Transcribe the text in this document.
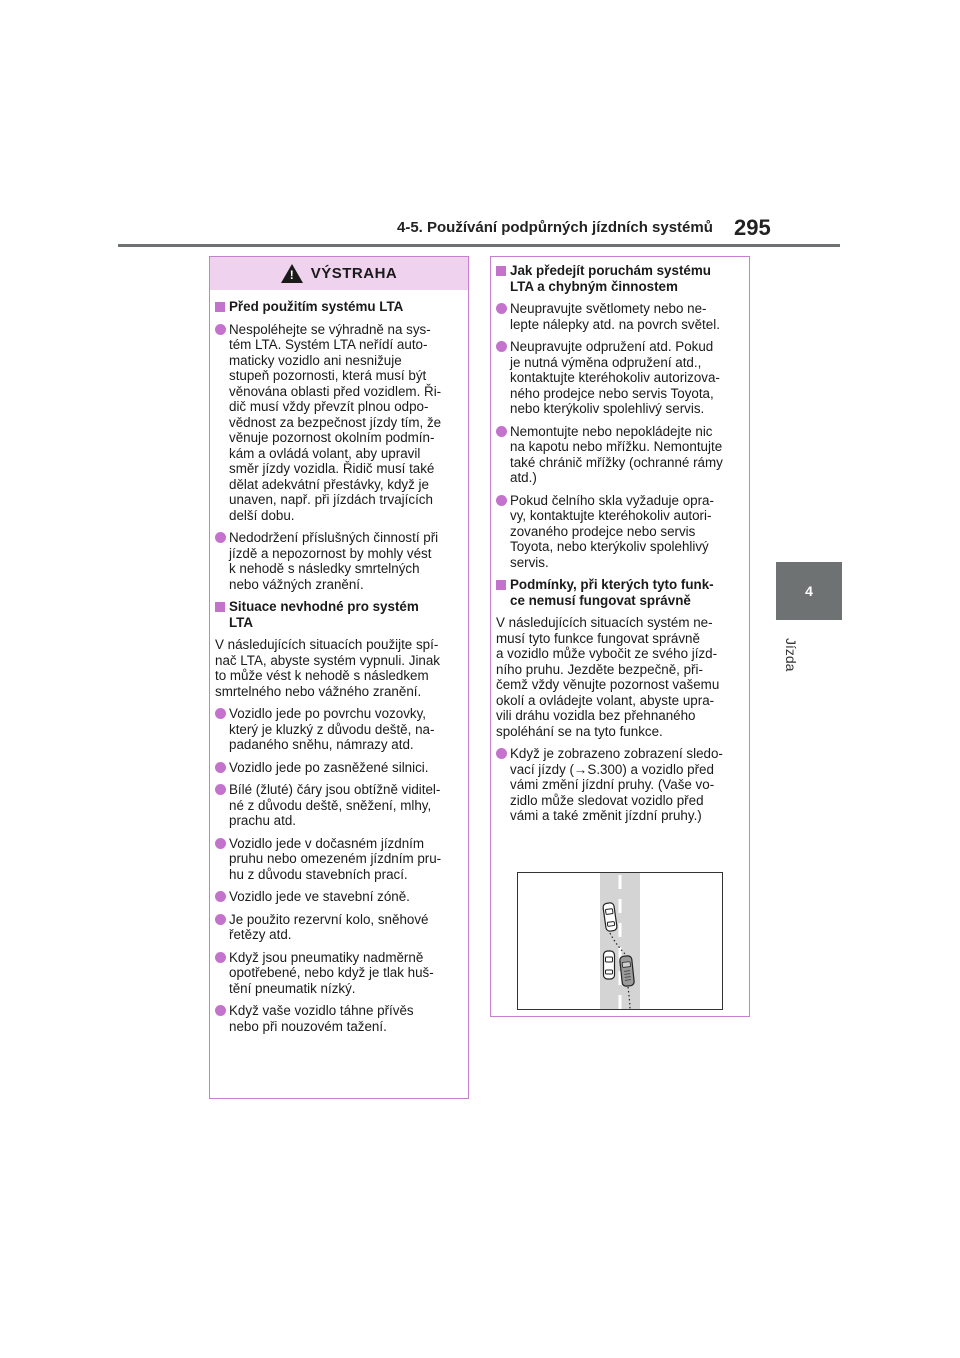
4-5. Používání podpůrných jízdních systémů 295
4
Jízda
!	VÝSTRAHA
Před použitím systému LTA
Nespoléhejte se výhradně na sys-
tém LTA. Systém LTA neřídí auto-
maticky vozidlo ani nesnižuje
stupeň pozornosti, která musí být
věnována oblasti před vozidlem. Ři-
dič musí vždy převzít plnou odpo-
vědnost za bezpečnost jízdy tím, že
věnuje pozornost okolním podmín-
kám a ovládá volant, aby upravil
směr jízdy vozidla. Řidič musí také
dělat adekvátní přestávky, když je
unaven, např. při jízdách trvajících
delší dobu.
Nedodržení příslušných činností při
jízdě a nepozornost by mohly vést
k nehodě s následky smrtelných
nebo vážných zranění.
Situace nevhodné pro systém
LTA
V následujících situacích použijte spí-
nač LTA, abyste systém vypnuli. Jinak
to může vést k nehodě s následkem
smrtelného nebo vážného zranění.
Vozidlo jede po povrchu vozovky,
který je kluzký z důvodu deště, na-
padaného sněhu, námrazy atd.
Vozidlo jede po zasněžené silnici.
Bílé (žluté) čáry jsou obtížně viditel-
né z důvodu deště, sněžení, mlhy,
prachu atd.
Vozidlo jede v dočasném jízdním
pruhu nebo omezeném jízdním pru-
hu z důvodu stavebních prací.
Vozidlo jede ve stavební zóně.
Je použito rezervní kolo, sněhové
řetězy atd.
Když jsou pneumatiky nadměrně
opotřebené, nebo když je tlak huš-
tění pneumatik nízký.
Když vaše vozidlo táhne přívěs
nebo při nouzovém tažení.
Jak předejít poruchám systému
LTA a chybným činnostem
Neupravujte světlomety nebo ne-
lepte nálepky atd. na povrch světel.
Neupravujte odpružení atd. Pokud
je nutná výměna odpružení atd.,
kontaktujte kteréhokoliv autorizova-
ného prodejce nebo servis Toyota,
nebo kterýkoliv spolehlivý servis.
Nemontujte nebo nepokládejte nic
na kapotu nebo mřížku. Nemontujte
také chránič mřížky (ochranné rámy
atd.)
Pokud čelního skla vyžaduje opra-
vy, kontaktujte kteréhokoliv autori-
zovaného prodejce nebo servis
Toyota, nebo kterýkoliv spolehlivý
servis.
Podmínky, při kterých tyto funk-
ce nemusí fungovat správně
V následujících situacích systém ne-
musí tyto funkce fungovat správně
a vozidlo může vybočit ze svého jízd-
ního pruhu. Jezděte bezpečně, při-
čemž vždy věnujte pozornost vašemu
okolí a ovládejte volant, abyste upra-
vili dráhu vozidla bez přehnaného
spoléhání se na tyto funkce.
Když je zobrazeno zobrazení sledo-
vací jízdy (→S.300) a vozidlo před
vámi změní jízdní pruhy. (Vaše vo-
zidlo může sledovat vozidlo před
vámi a také změnit jízdní pruhy.)
